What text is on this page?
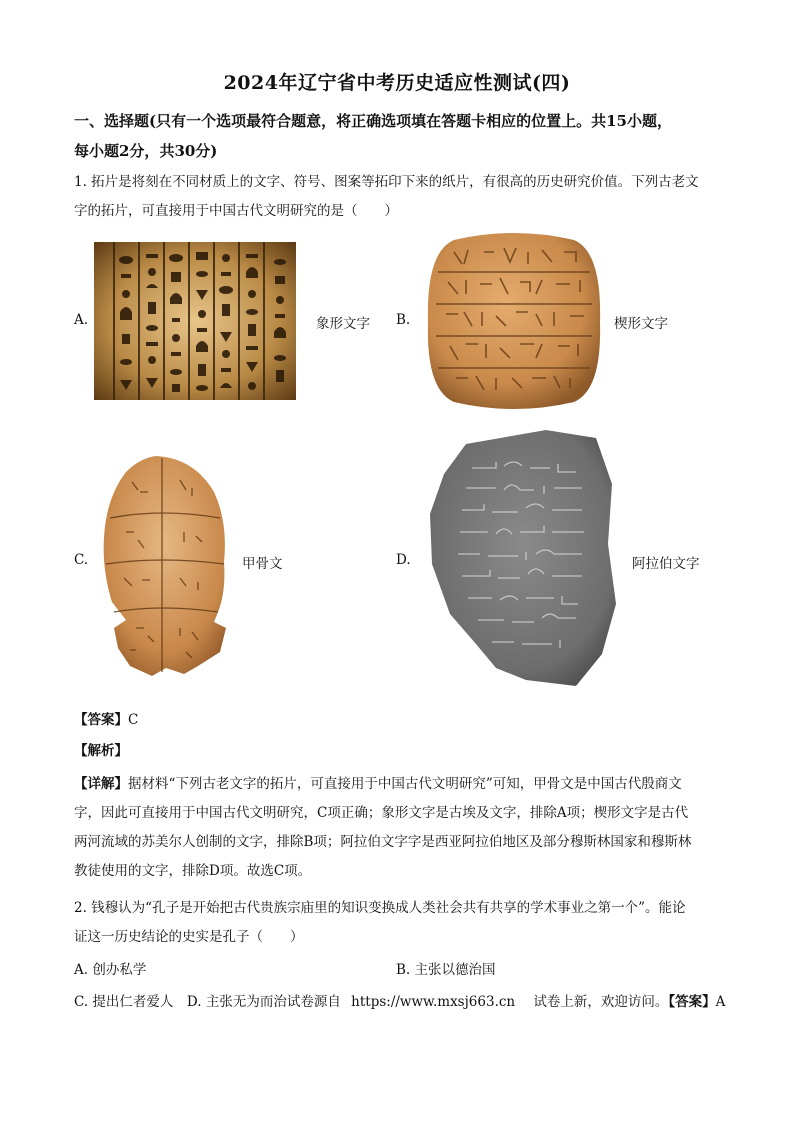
2024年辽宁省中考历史适应性测试(四)
一、选择题(只有一个选项最符合题意，将正确选项填在答题卡相应的位置上。共15小题，
每小题2分，共30分)
1. 拓片是将刻在不同材质上的文字、符号、图案等拓印下来的纸片，有很高的历史研究价值。下列古老文
字的拓片，可直接用于中国古代文明研究的是（　　）
A.	象形文字 B.	楔形文字
C.	甲骨文	D.	阿拉伯文字
【答案】C
【解析】
【详解】据材料“下列古老文字的拓片，可直接用于中国古代文明研究”可知，甲骨文是中国古代殷商文
字，因此可直接用于中国古代文明研究，C项正确；象形文字是古埃及文字，排除A项；楔形文字是古代
两河流域的苏美尔人创制的文字，排除B项；阿拉伯文字字是西亚阿拉伯地区及部分穆斯林国家和穆斯林
教徒使用的文字，排除D项。故选C项。
2. 钱穆认为“孔子是开始把古代贵族宗庙里的知识变换成人类社会共有共享的学术事业之第一个”。能论
证这一历史结论的史实是孔子（　　）
A. 创办私学	B. 主张以德治国
C. 提出仁者爱人　D. 主张无为而治试卷源自 https://www.mxsj663.cn 试卷上新，欢迎访问。【答案】A
